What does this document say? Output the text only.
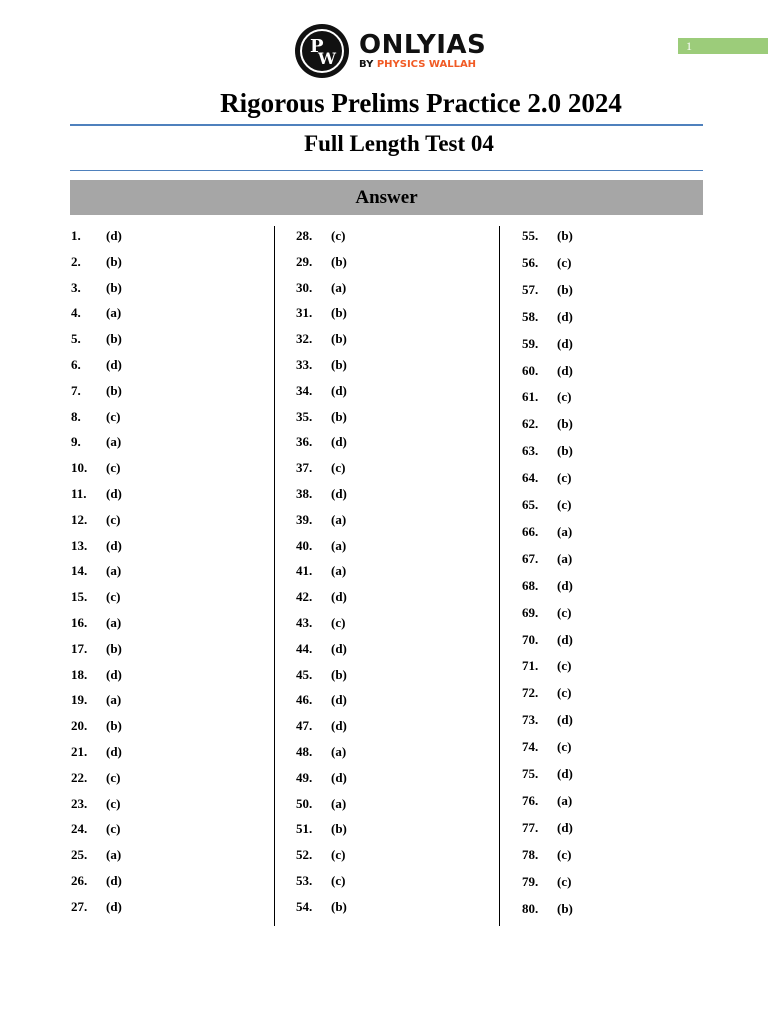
P
W ONLYIAS
BY PHYSICS WALLAH
1
Rigorous Prelims Practice 2.0 2024
Full Length Test 04
Answer
1. (d)
2. (b)
3. (b)
4. (a)
5. (b)
6. (d)
7. (b)
8. (c)
9. (a)
10. (c)
11. (d)
12. (c)
13. (d)
14. (a)
15. (c)
16. (a)
17. (b)
18. (d)
19. (a)
20. (b)
21. (d)
22. (c)
23. (c)
24. (c)
25. (a)
26. (d)
27. (d)
28. (c)
29. (b)
30. (a)
31. (b)
32. (b)
33. (b)
34. (d)
35. (b)
36. (d)
37. (c)
38. (d)
39. (a)
40. (a)
41. (a)
42. (d)
43. (c)
44. (d)
45. (b)
46. (d)
47. (d)
48. (a)
49. (d)
50. (a)
51. (b)
52. (c)
53. (c)
54. (b)
55. (b)
56. (c)
57. (b)
58. (d)
59. (d)
60. (d)
61. (c)
62. (b)
63. (b)
64. (c)
65. (c)
66. (a)
67. (a)
68. (d)
69. (c)
70. (d)
71. (c)
72. (c)
73. (d)
74. (c)
75. (d)
76. (a)
77. (d)
78. (c)
79. (c)
80. (b)
